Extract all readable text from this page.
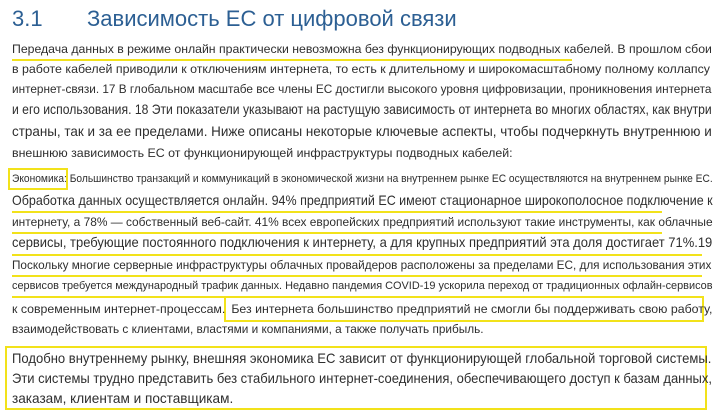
3.1 Зависимость ЕС от цифровой связи
Передача данных в режиме онлайн практически невозможна без функционирующих подводных кабелей. В прошлом сбои
в работе кабелей приводили к отключениям интернета, то есть к длительному и широкомасштабному полному коллапсу
интернет-связи. 17 В глобальном масштабе все члены ЕС достигли высокого уровня цифровизации, проникновения интернета
и его использования. 18 Эти показатели указывают на растущую зависимость от интернета во многих областях, как внутри
страны, так и за ее пределами. Ниже описаны некоторые ключевые аспекты, чтобы подчеркнуть внутреннюю и
внешнюю зависимость ЕС от функционирующей инфраструктуры подводных кабелей:
Экономика: Большинство транзакций и коммуникаций в экономической жизни на внутреннем рынке ЕС осуществляются на внутреннем рынке ЕС.
Обработка данных осуществляется онлайн. 94% предприятий ЕС имеют стационарное широкополосное подключение к
интернету, а 78% — собственный веб-сайт. 41% всех европейских предприятий используют такие инструменты, как облачные
сервисы, требующие постоянного подключения к интернету, а для крупных предприятий эта доля достигает 71%.19
Поскольку многие серверные инфраструктуры облачных провайдеров расположены за пределами ЕС, для использования этих
сервисов требуется международный трафик данных. Недавно пандемия COVID-19 ускорила переход от традиционных офлайн-сервисов
к современным интернет-процессам. Без интернета большинство предприятий не смогли бы поддерживать свою работу,
взаимодействовать с клиентами, властями и компаниями, а также получать прибыль.
Подобно внутреннему рынку, внешняя экономика ЕС зависит от функционирующей глобальной торговой системы.
Эти системы трудно представить без стабильного интернет-соединения, обеспечивающего доступ к базам данных,
заказам, клиентам и поставщикам.
